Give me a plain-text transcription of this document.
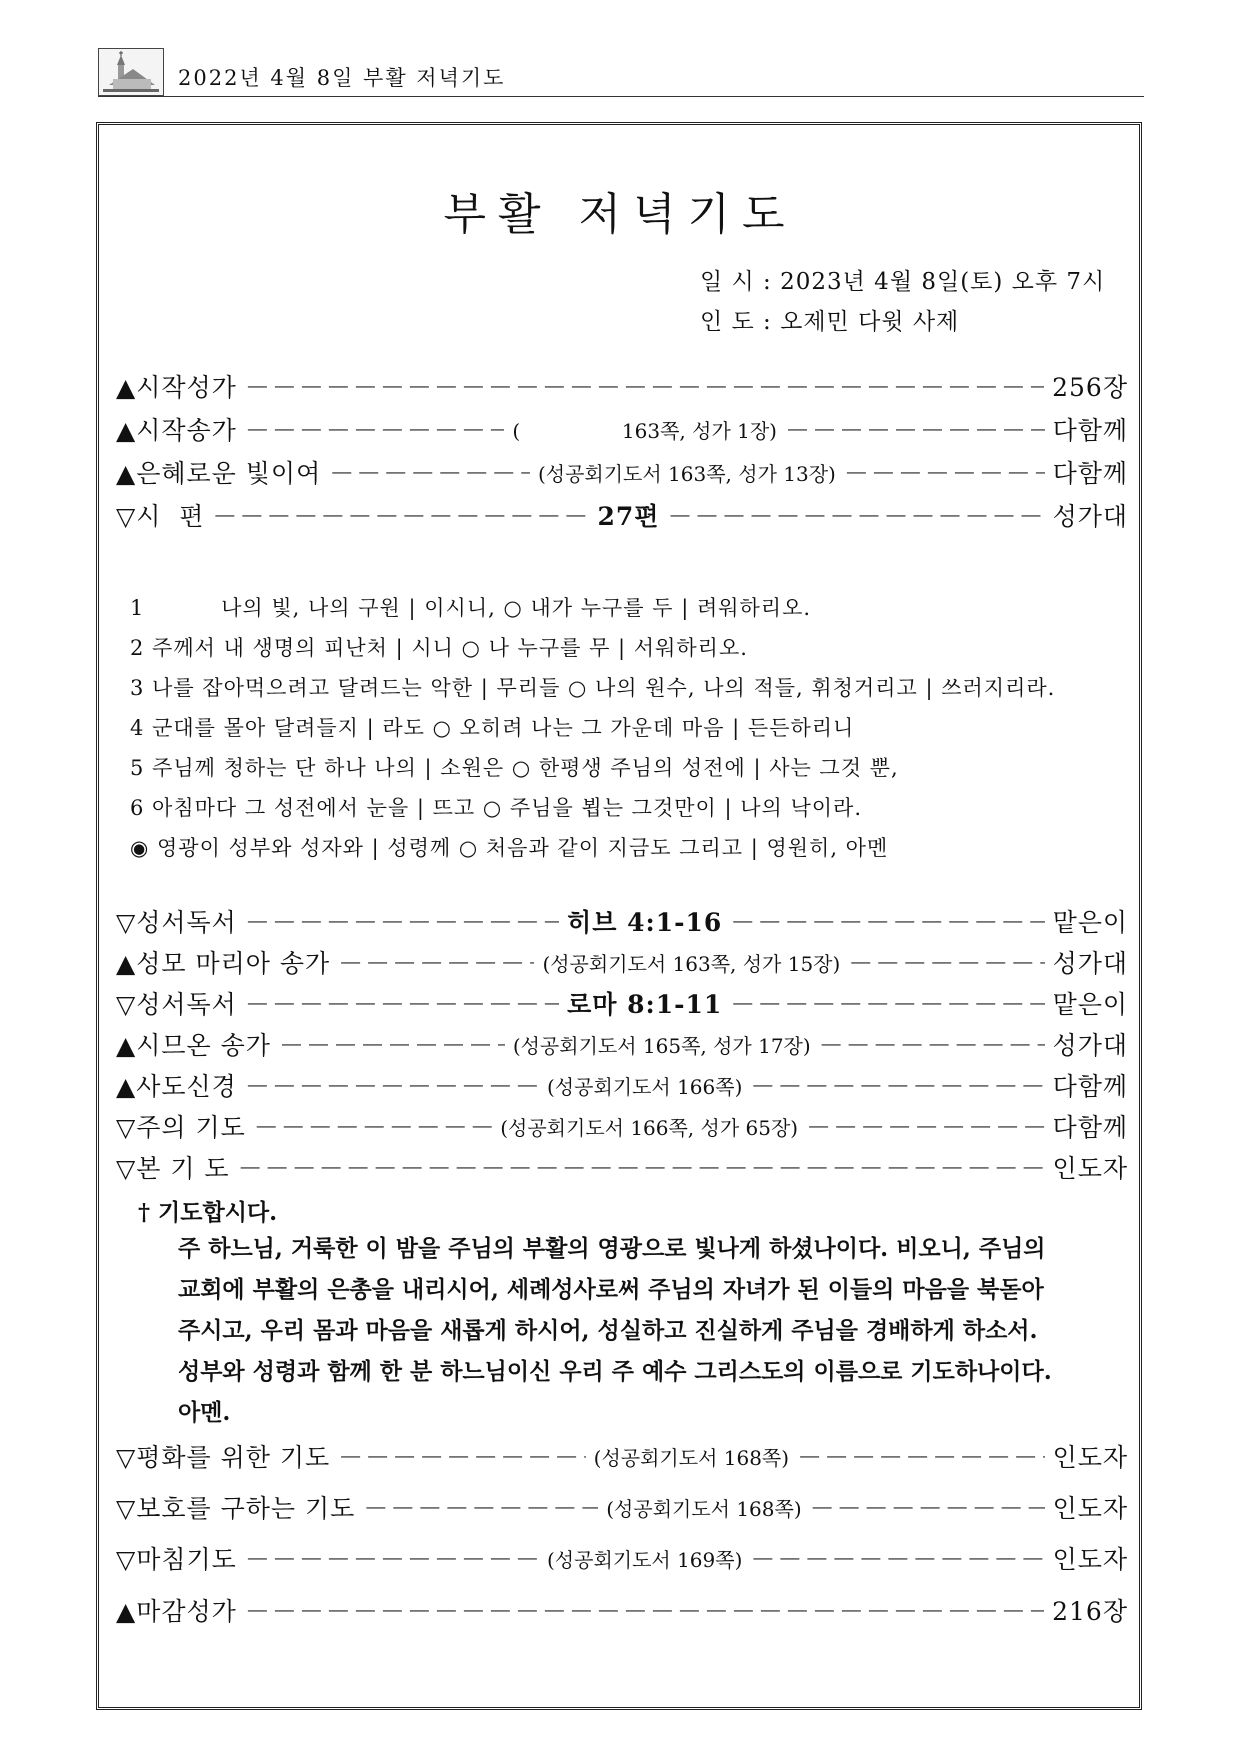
2022년 4월 8일 부활 저녁기도
부활 저녁기도
일 시 : 2023년 4월 8일(토) 오후 7시
인 도 : 오제민 다윗 사제
▲시작성가 －－－－－－－－－－－－－－－－－－－－－－－－－－－－－－－－－－－－－－－－－－－－－－－－－－－－－－－－－－－－－－－－－－－－－	256장
▲시작송가 －－－－－－－－－－－－－－－－－－－－－－－－－－－－－－－－－－－－－－－－－－－－－－－－－－－－－－－－－－－－－－－－－－－－－	(                163쪽, 성가 1장) －－－－－－－－－－－－－－－－－－－－－－－－－－－－－－－－－－－－－－－－－－－－－－－－－－－－－－－－－－－－－－－－－－－－－	다함께
▲은혜로운 빛이여 －－－－－－－－－－－－－－－－－－－－－－－－－－－－－－－－－－－－－－－－－－－－－－－－－－－－－－－－－－－－－－－－－－－－－	(성공회기도서 163쪽, 성가 13장) －－－－－－－－－－－－－－－－－－－－－－－－－－－－－－－－－－－－－－－－－－－－－－－－－－－－－－－－－－－－－－－－－－－－－	다함께
▽시  편 －－－－－－－－－－－－－－－－－－－－－－－－－－－－－－－－－－－－－－－－－－－－－－－－－－－－－－－－－－－－－－－－－－－－－	27편 －－－－－－－－－－－－－－－－－－－－－－－－－－－－－－－－－－－－－－－－－－－－－－－－－－－－－－－－－－－－－－－－－－－－－	성가대
1          나의 빛, 나의 구원 | 이시니, ○ 내가 누구를 두 | 려워하리오.
2 주께서 내 생명의 피난처 | 시니 ○ 나 누구를 무 | 서워하리오.
3 나를 잡아먹으려고 달려드는 악한 | 무리들 ○ 나의 원수, 나의 적들, 휘청거리고 | 쓰러지리라.
4 군대를 몰아 달려들지 | 라도 ○ 오히려 나는 그 가운데 마음 | 든든하리니
5 주님께 청하는 단 하나 나의 | 소원은 ○ 한평생 주님의 성전에 | 사는 그것 뿐,
6 아침마다 그 성전에서 눈을 | 뜨고 ○ 주님을 뵙는 그것만이 | 나의 낙이라.
◉ 영광이 성부와 성자와 | 성령께 ○ 처음과 같이 지금도 그리고 | 영원히, 아멘
▽성서독서 －－－－－－－－－－－－－－－－－－－－－－－－－－－－－－－－－－－－－－－－－－－－－－－－－－－－－－－－－－－－－－－－－－－－－	히브 4:1-16 －－－－－－－－－－－－－－－－－－－－－－－－－－－－－－－－－－－－－－－－－－－－－－－－－－－－－－－－－－－－－－－－－－－－－	맡은이
▲성모 마리아 송가 －－－－－－－－－－－－－－－－－－－－－－－－－－－－－－－－－－－－－－－－－－－－－－－－－－－－－－－－－－－－－－－－－－－－－	(성공회기도서 163쪽, 성가 15장) －－－－－－－－－－－－－－－－－－－－－－－－－－－－－－－－－－－－－－－－－－－－－－－－－－－－－－－－－－－－－－－－－－－－－	성가대
▽성서독서 －－－－－－－－－－－－－－－－－－－－－－－－－－－－－－－－－－－－－－－－－－－－－－－－－－－－－－－－－－－－－－－－－－－－－	로마 8:1-11 －－－－－－－－－－－－－－－－－－－－－－－－－－－－－－－－－－－－－－－－－－－－－－－－－－－－－－－－－－－－－－－－－－－－－	맡은이
▲시므온 송가 －－－－－－－－－－－－－－－－－－－－－－－－－－－－－－－－－－－－－－－－－－－－－－－－－－－－－－－－－－－－－－－－－－－－－	(성공회기도서 165쪽, 성가 17장) －－－－－－－－－－－－－－－－－－－－－－－－－－－－－－－－－－－－－－－－－－－－－－－－－－－－－－－－－－－－－－－－－－－－－	성가대
▲사도신경 －－－－－－－－－－－－－－－－－－－－－－－－－－－－－－－－－－－－－－－－－－－－－－－－－－－－－－－－－－－－－－－－－－－－－	(성공회기도서 166쪽) －－－－－－－－－－－－－－－－－－－－－－－－－－－－－－－－－－－－－－－－－－－－－－－－－－－－－－－－－－－－－－－－－－－－－	다함께
▽주의 기도 －－－－－－－－－－－－－－－－－－－－－－－－－－－－－－－－－－－－－－－－－－－－－－－－－－－－－－－－－－－－－－－－－－－－－	(성공회기도서 166쪽, 성가 65장) －－－－－－－－－－－－－－－－－－－－－－－－－－－－－－－－－－－－－－－－－－－－－－－－－－－－－－－－－－－－－－－－－－－－－	다함께
▽본 기 도 －－－－－－－－－－－－－－－－－－－－－－－－－－－－－－－－－－－－－－－－－－－－－－－－－－－－－－－－－－－－－－－－－－－－－	인도자
† 기도합시다.
주 하느님, 거룩한 이 밤을 주님의 부활의 영광으로 빛나게 하셨나이다. 비오니, 주님의
교회에 부활의 은총을 내리시어, 세례성사로써 주님의 자녀가 된 이들의 마음을 북돋아
주시고, 우리 몸과 마음을 새롭게 하시어, 성실하고 진실하게 주님을 경배하게 하소서.
성부와 성령과 함께 한 분 하느님이신 우리 주 예수 그리스도의 이름으로 기도하나이다.
아멘.
▽평화를 위한 기도 －－－－－－－－－－－－－－－－－－－－－－－－－－－－－－－－－－－－－－－－－－－－－－－－－－－－－－－－－－－－－－－－－－－－－	(성공회기도서 168쪽) －－－－－－－－－－－－－－－－－－－－－－－－－－－－－－－－－－－－－－－－－－－－－－－－－－－－－－－－－－－－－－－－－－－－－	인도자
▽보호를 구하는 기도 －－－－－－－－－－－－－－－－－－－－－－－－－－－－－－－－－－－－－－－－－－－－－－－－－－－－－－－－－－－－－－－－－－－－－	(성공회기도서 168쪽) －－－－－－－－－－－－－－－－－－－－－－－－－－－－－－－－－－－－－－－－－－－－－－－－－－－－－－－－－－－－－－－－－－－－－	인도자
▽마침기도 －－－－－－－－－－－－－－－－－－－－－－－－－－－－－－－－－－－－－－－－－－－－－－－－－－－－－－－－－－－－－－－－－－－－－	(성공회기도서 169쪽) －－－－－－－－－－－－－－－－－－－－－－－－－－－－－－－－－－－－－－－－－－－－－－－－－－－－－－－－－－－－－－－－－－－－－	인도자
▲마감성가 －－－－－－－－－－－－－－－－－－－－－－－－－－－－－－－－－－－－－－－－－－－－－－－－－－－－－－－－－－－－－－－－－－－－－	216장
